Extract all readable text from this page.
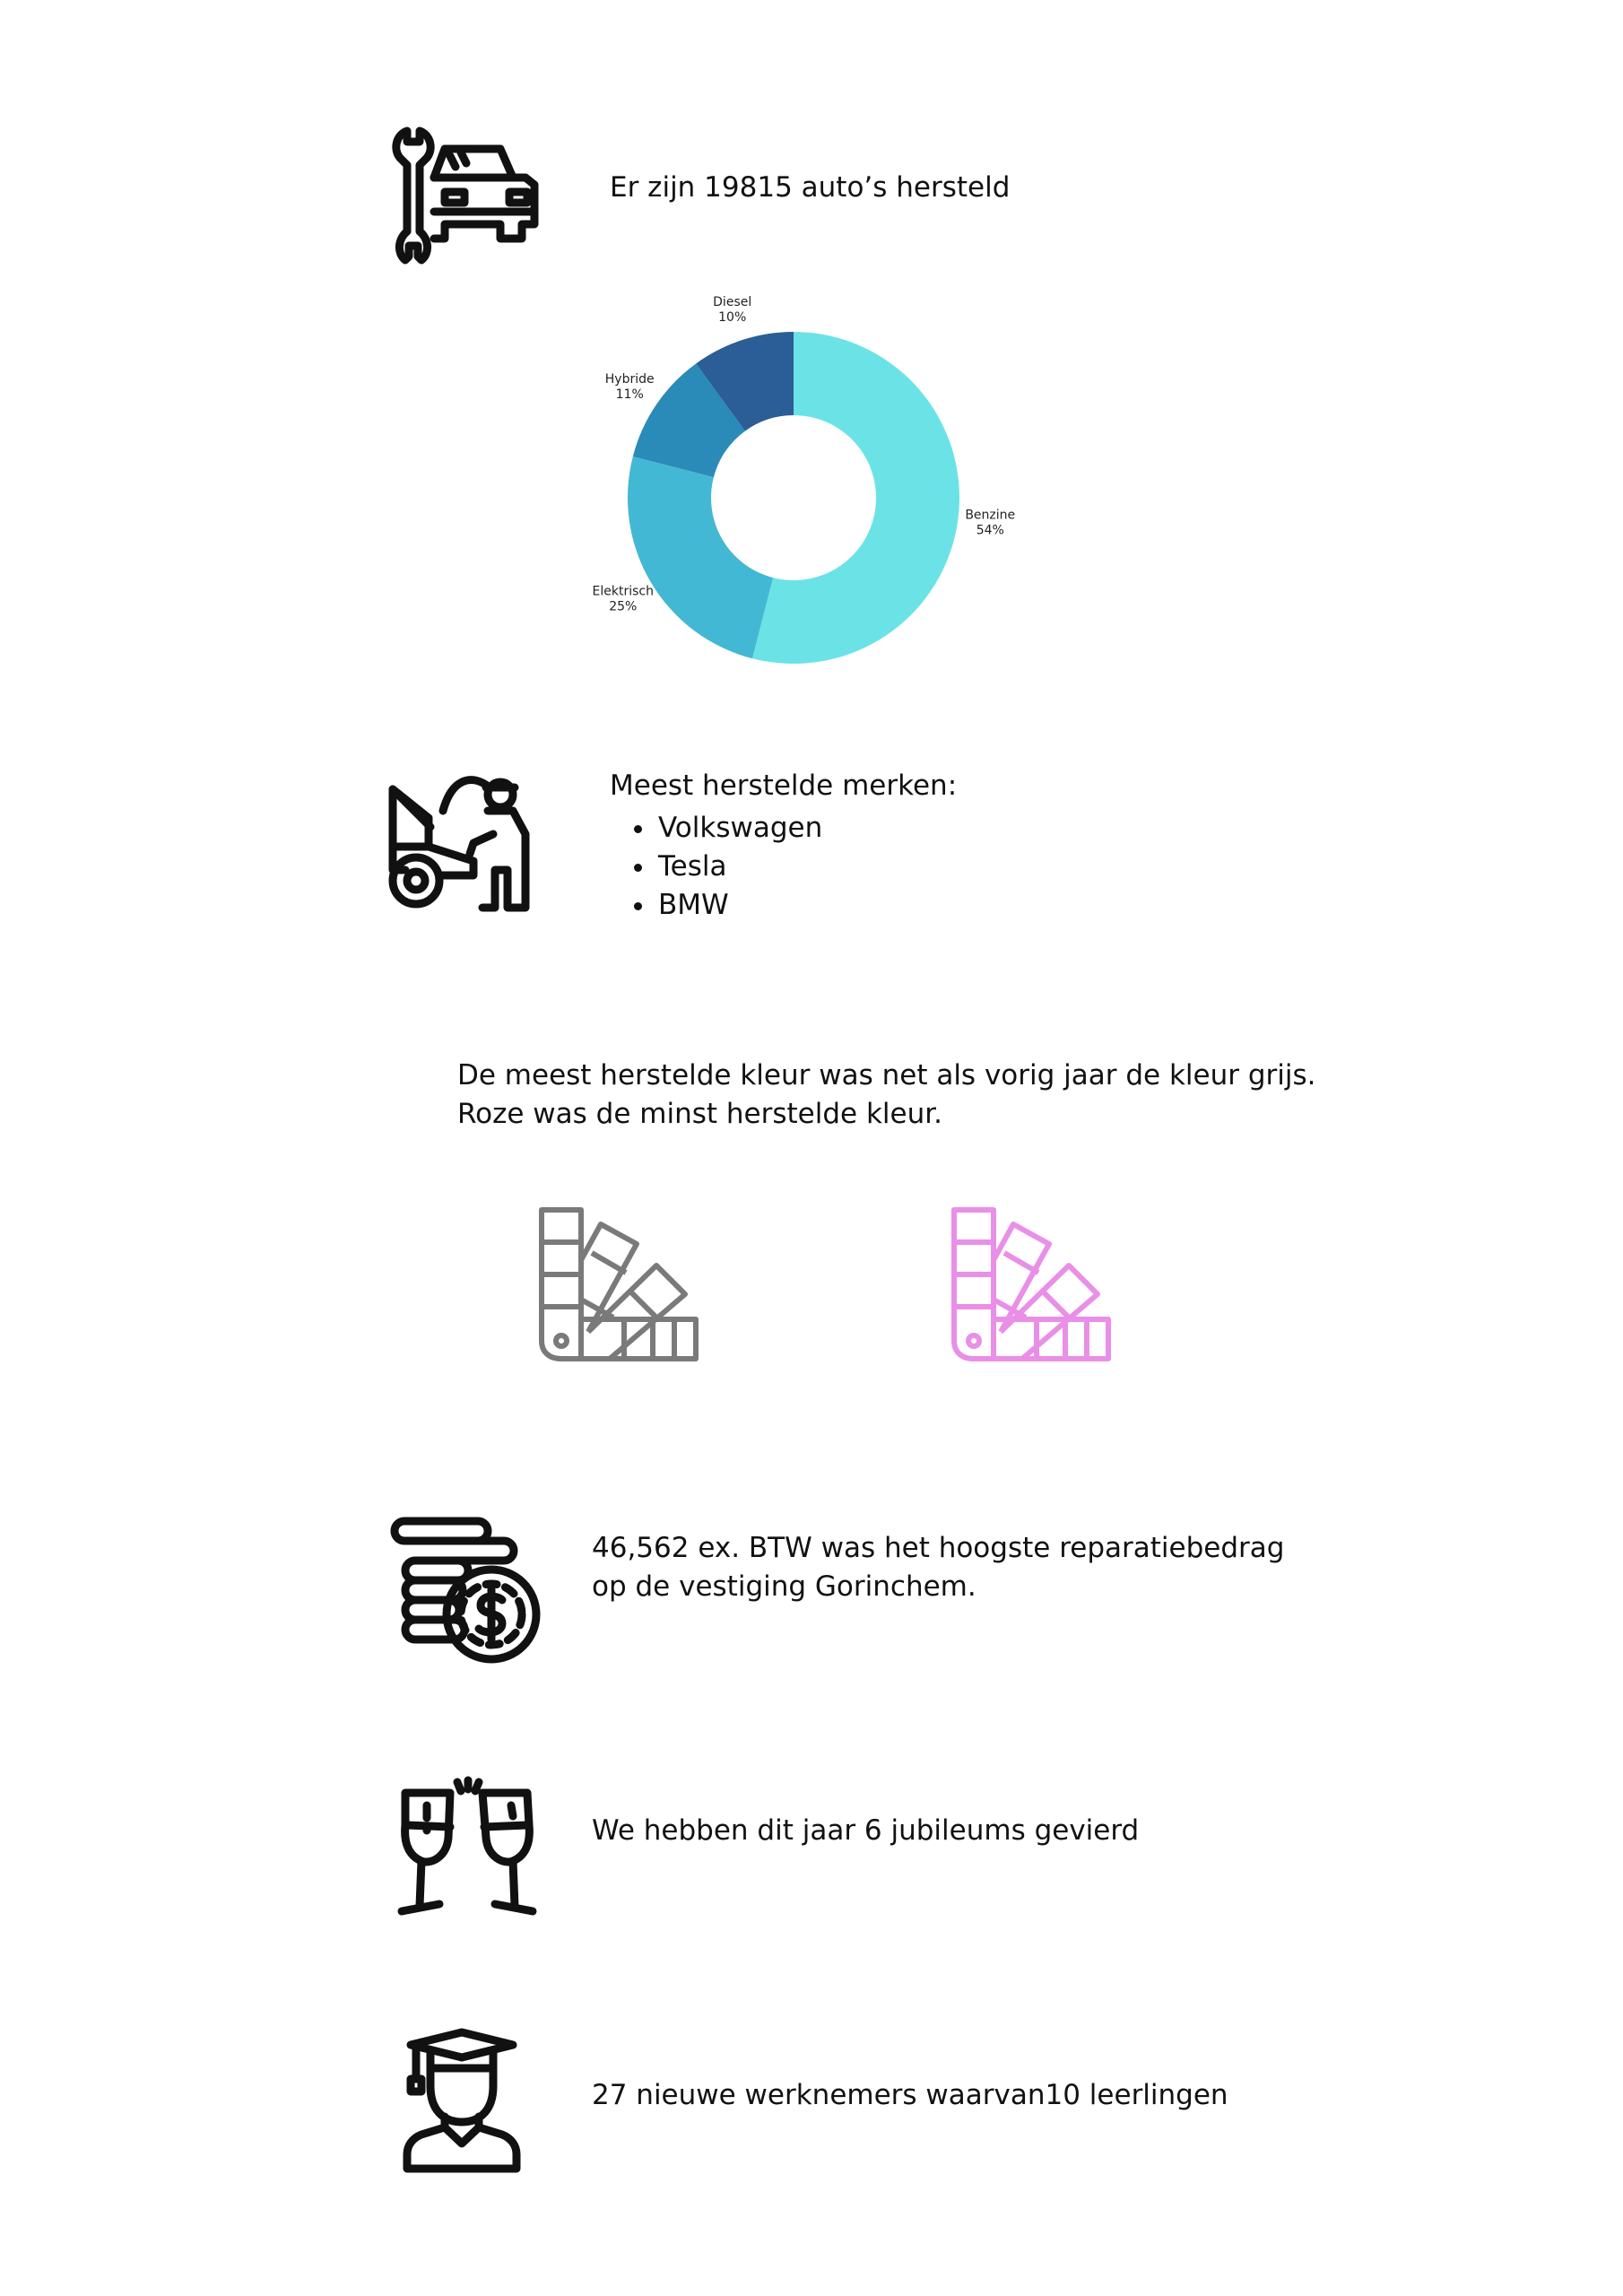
Er zijn 19815 auto’s hersteld
Benzine 54%
Elektrisch 25%
Hybride 11%
Diesel 10%
Meest herstelde merken:
• Volkswagen
• Tesla
• BMW
De meest herstelde kleur was net als vorig jaar de kleur grijs.
Roze was de minst herstelde kleur.
46,562 ex. BTW was het hoogste reparatiebedrag
op de vestiging Gorinchem.
We hebben dit jaar 6 jubileums gevierd
27 nieuwe werknemers waarvan10 leerlingen
